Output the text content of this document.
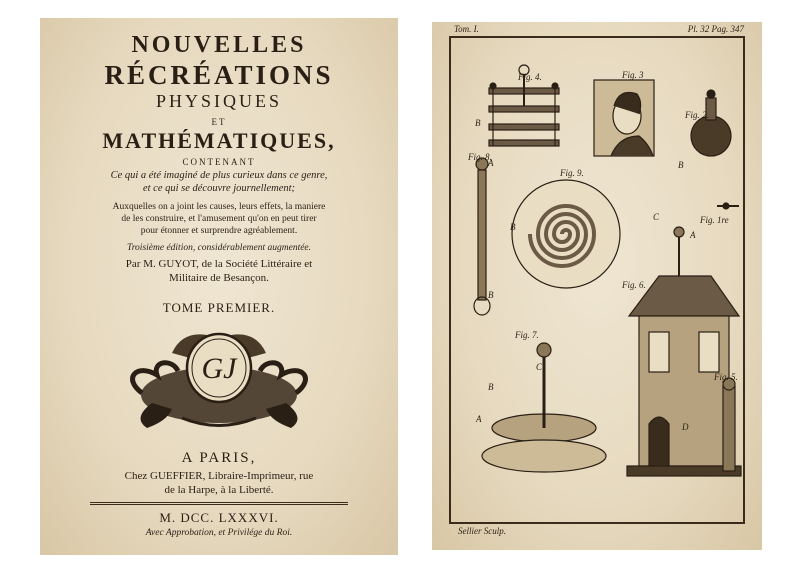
NOUVELLES
RÉCRÉATIONS
PHYSIQUES
ET
MATHÉMATIQUES,
CONTENANT
Ce qui a été imaginé de plus curieux dans ce genre,
et ce qui se découvre journellement;
Auxquelles on a joint les causes, leurs effets, la maniere
de les construire, et l'amusement qu'on en peut tirer
pour étonner et surprendre agréablement.
Troisième édition, considérablement augmentée.
Par M. GUYOT, de la Société Littéraire et
Militaire de Besançon.
TOME PREMIER.
GJ
A PARIS,
Chez GUEFFIER, Libraire-Imprimeur, rue
de la Harpe, à la Liberté.
M. DCC. LXXXVI.
Avec Approbation, et Privilége du Roi.
Tom. I.	Pl. 32 Pag. 347
Fig. 4.	Fig. 3
Fig. 2.
Fig. 8.
Fig. 9.
Fig. 1re
Fig. 6.
Fig. 7.
Fig. 5.
B
B
A
B
B
C
A
C
B
A
D
Sellier Sculp.
